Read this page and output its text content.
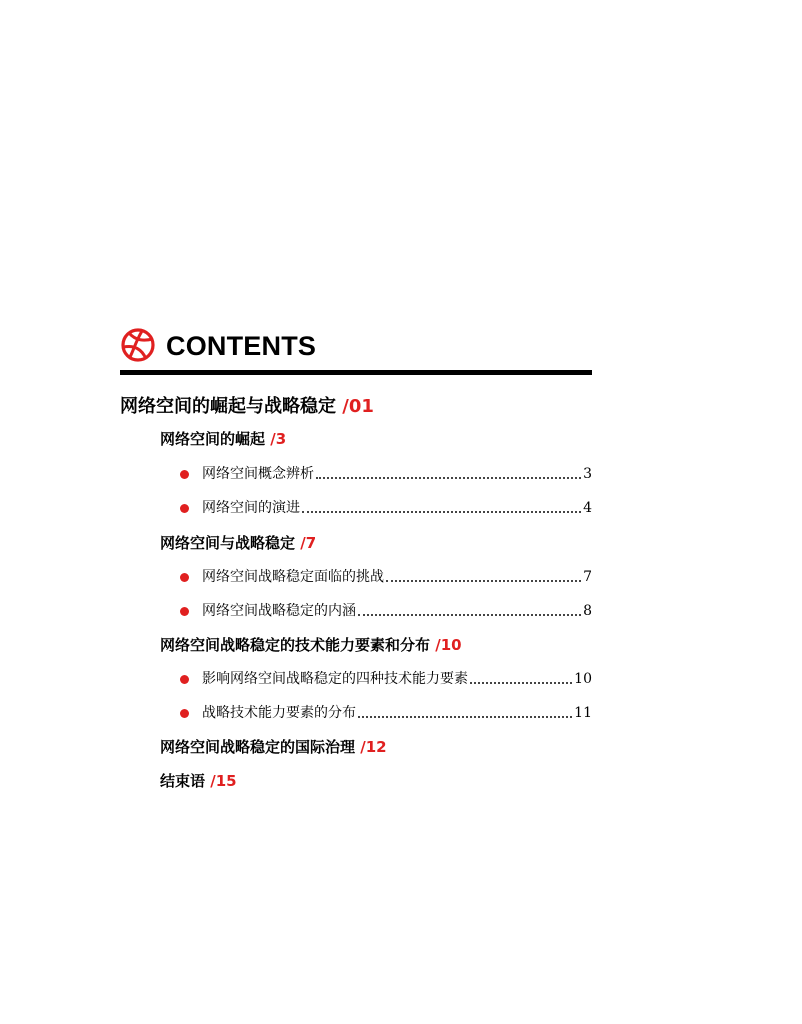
CONTENTS
网络空间的崛起与战略稳定 /01
网络空间的崛起 /3
网络空间概念辨析	3
网络空间的演进	4
网络空间与战略稳定 /7
网络空间战略稳定面临的挑战	7
网络空间战略稳定的内涵	8
网络空间战略稳定的技术能力要素和分布 /10
影响网络空间战略稳定的四种技术能力要素	10
战略技术能力要素的分布	11
网络空间战略稳定的国际治理 /12
结束语 /15
